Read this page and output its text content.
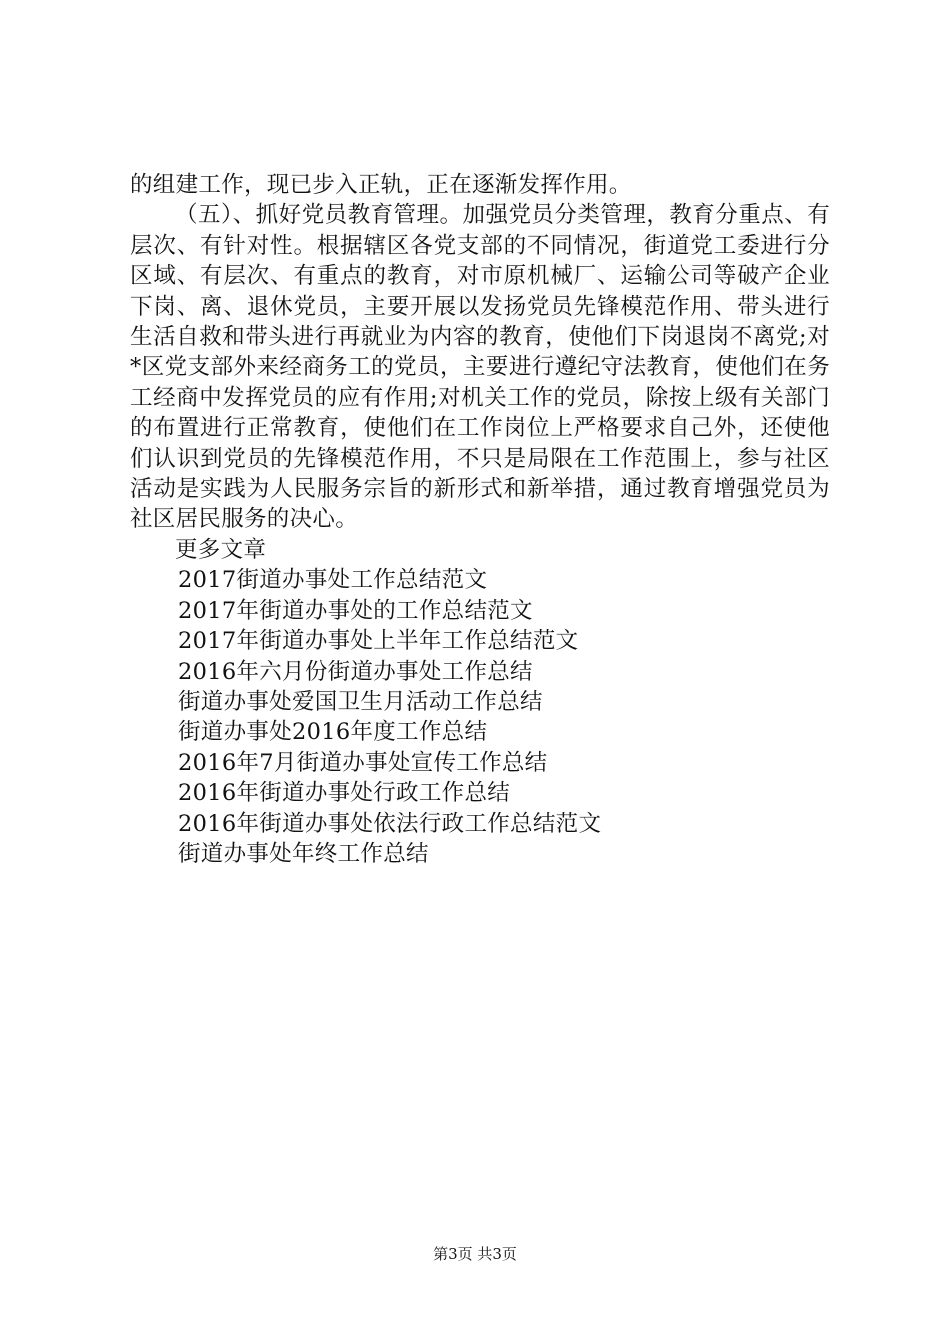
的组建工作，现已步入正轨，正在逐渐发挥作用。

（五）、抓好党员教育管理。加强党员分类管理，教育分重点、有层次、有针对性。根据辖区各党支部的不同情况，街道党工委进行分区域、有层次、有重点的教育，对市原机械厂、运输公司等破产企业下岗、离、退休党员，主要开展以发扬党员先锋模范作用、带头进行生活自救和带头进行再就业为内容的教育，使他们下岗退岗不离党;对*区党支部外来经商务工的党员，主要进行遵纪守法教育，使他们在务工经商中发挥党员的应有作用;对机关工作的党员，除按上级有关部门的布置进行正常教育，使他们在工作岗位上严格要求自己外，还使他们认识到党员的先锋模范作用，不只是局限在工作范围上，参与社区活动是实践为人民服务宗旨的新形式和新举措，通过教育增强党员为社区居民服务的决心。

更多文章

2017街道办事处工作总结范文
2017年街道办事处的工作总结范文
2017年街道办事处上半年工作总结范文
2016年六月份街道办事处工作总结
街道办事处爱国卫生月活动工作总结
街道办事处2016年度工作总结
2016年7月街道办事处宣传工作总结
2016年街道办事处行政工作总结
2016年街道办事处依法行政工作总结范文
街道办事处年终工作总结
第3页 共3页
